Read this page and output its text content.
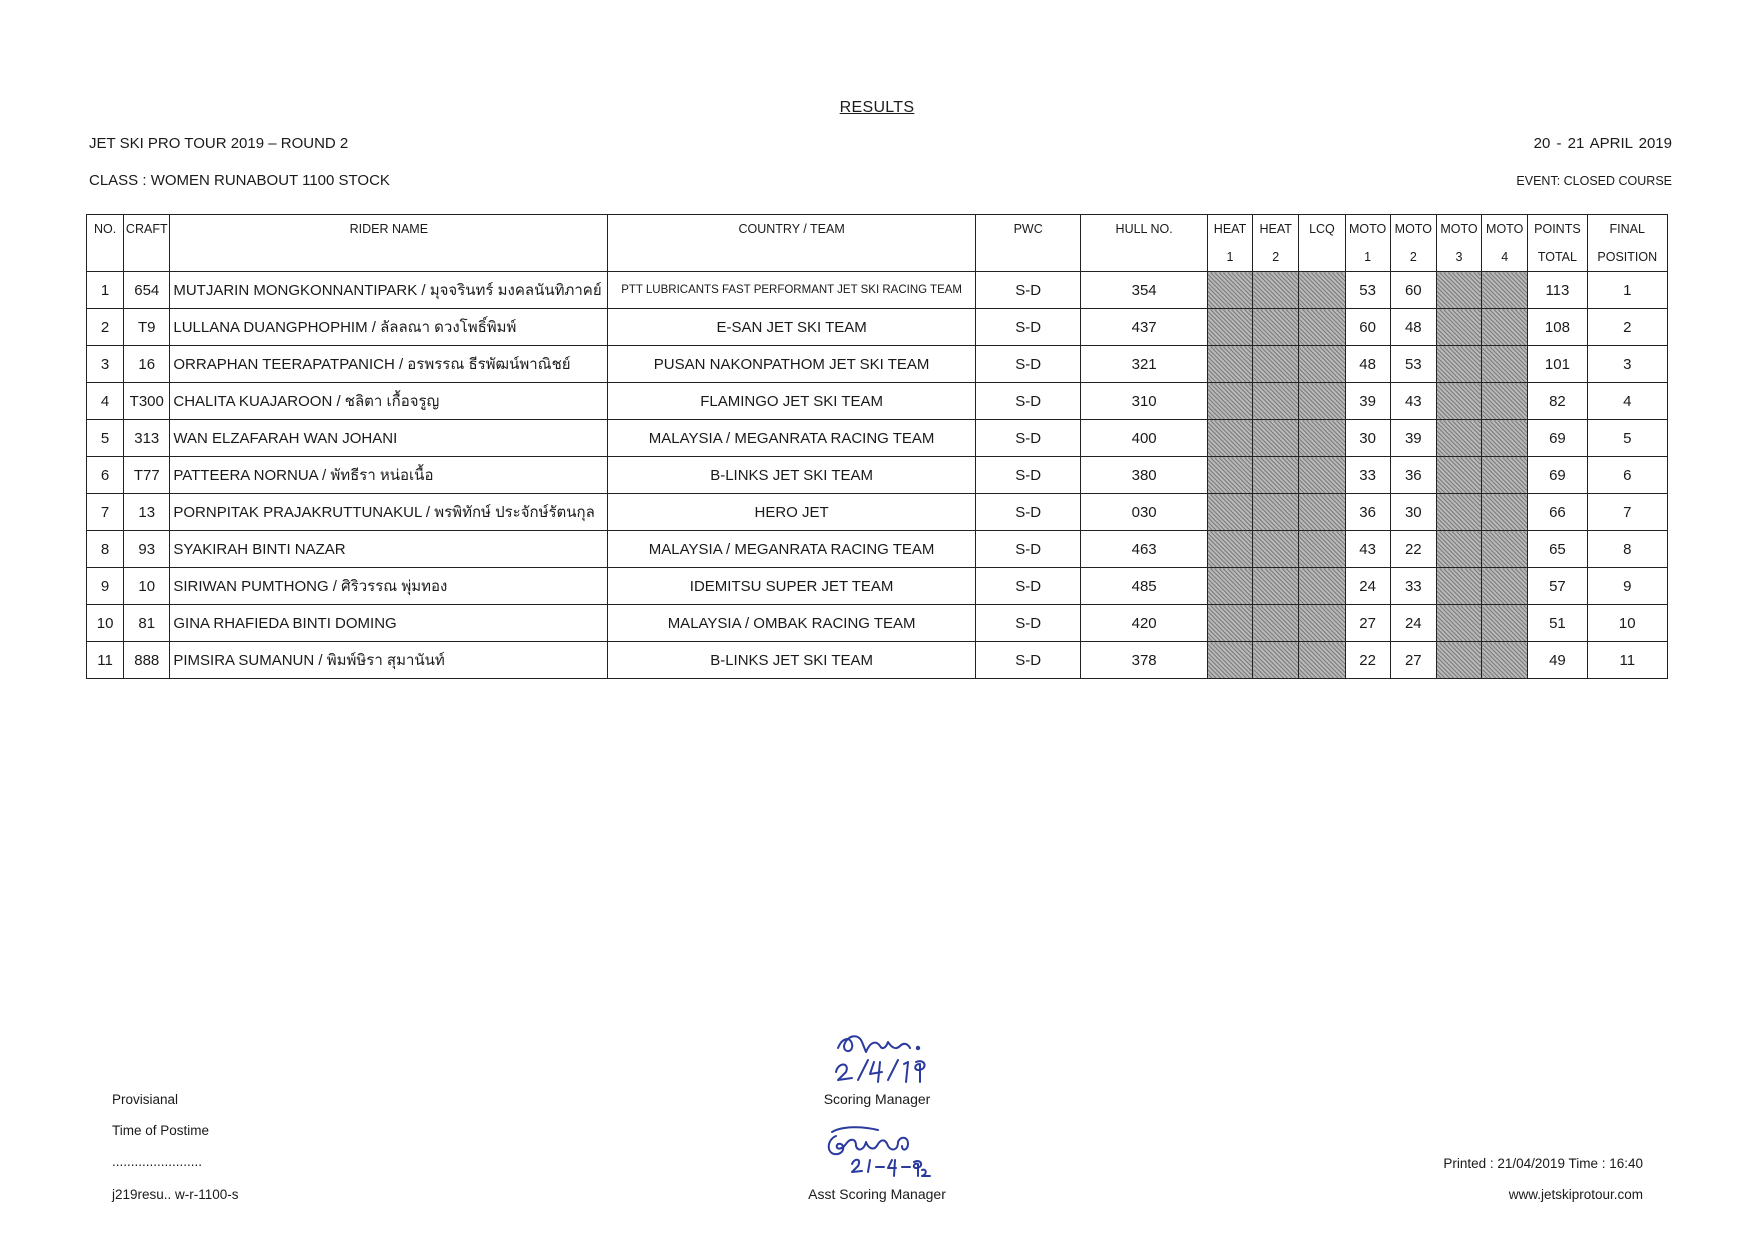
RESULTS
JET SKI PRO TOUR 2019 – ROUND 2	20 - 21 APRIL 2019
CLASS : WOMEN RUNABOUT 1100 STOCK	EVENT: CLOSED COURSE
NO.	CRAFT	RIDER NAME	COUNTRY / TEAM	PWC	HULL NO.	HEAT	HEAT	LCQ	MOTO	MOTO	MOTO	MOTO	POINTS	FINAL
						1	2		1	2	3	4	TOTAL	POSITION
1	654	MUTJARIN MONGKONNANTIPARK / มุจจรินทร์ มงคลนันทิภาคย์	PTT LUBRICANTS FAST PERFORMANT JET SKI RACING TEAM	S-D	354				53	60			113	1
2	T9	LULLANA DUANGPHOPHIM / ลัลลณา ดวงโพธิ์พิมพ์	E-SAN JET SKI TEAM	S-D	437				60	48			108	2
3	16	ORRAPHAN TEERAPATPANICH / อรพรรณ ธีรพัฒน์พาณิชย์	PUSAN NAKONPATHOM JET SKI TEAM	S-D	321				48	53			101	3
4	T300	CHALITA KUAJAROON / ชลิตา เกื้อจรูญ	FLAMINGO JET SKI TEAM	S-D	310				39	43			82	4
5	313	WAN ELZAFARAH WAN JOHANI	MALAYSIA / MEGANRATA RACING TEAM	S-D	400				30	39			69	5
6	T77	PATTEERA NORNUA / พัทธีรา หน่อเนื้อ	B-LINKS JET SKI TEAM	S-D	380				33	36			69	6
7	13	PORNPITAK PRAJAKRUTTUNAKUL / พรพิทักษ์ ประจักษ์รัตนกุล	HERO JET	S-D	030				36	30			66	7
8	93	SYAKIRAH BINTI NAZAR	MALAYSIA / MEGANRATA RACING TEAM	S-D	463				43	22			65	8
9	10	SIRIWAN PUMTHONG / ศิริวรรณ พุ่มทอง	IDEMITSU SUPER JET TEAM	S-D	485				24	33			57	9
10	81	GINA RHAFIEDA BINTI DOMING	MALAYSIA / OMBAK RACING TEAM	S-D	420				27	24			51	10
11	888	PIMSIRA SUMANUN / พิมพ์ษิรา สุมานันท์	B-LINKS JET SKI TEAM	S-D	378				22	27			49	11
Provisianal
Time of Postime
........................
j219resu.. w-r-1100-s
Scoring Manager
Asst Scoring Manager
Printed : 21/04/2019 Time : 16:40
www.jetskiprotour.com
